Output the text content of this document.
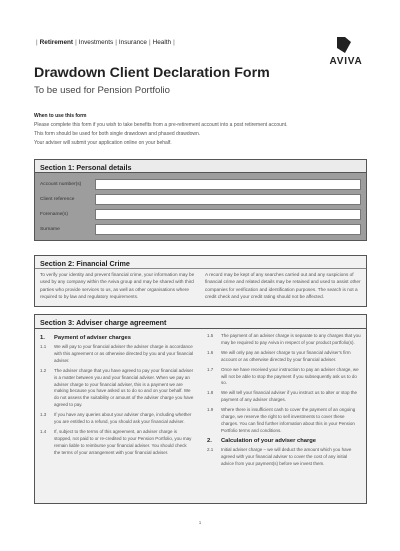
| Retirement | Investments | Insurance | Health |
AVIVA
Drawdown Client Declaration Form
To be used for Pension Portfolio
When to use this form
Please complete this form if you wish to take benefits from a pre-retirement account into a post retirement account.
This form should be used for both single drawdown and phased drawdown.
Your adviser will submit your application online on your behalf.
Section 1: Personal details
Account number(s)
Client reference
Forename(s)
Surname
Section 2: Financial Crime
To verify your identity and prevent financial crime, your information may be used by any company within the Aviva group and may be shared with third parties who provide services to us, as well as other organisations where required to by law and regulatory requirements.
A record may be kept of any searches carried out and any suspicions of financial crime and related details may be retained and used to assist other companies for verification and identification purposes. The search is not a credit check and your credit rating should not be affected.
Section 3: Adviser charge agreement
1. Payment of adviser charges
1.1	We will pay to your financial adviser the adviser charge in accordance with this agreement or as otherwise directed by you and your financial adviser.
1.2	The adviser charge that you have agreed to pay your financial adviser is a matter between you and your financial adviser. When we pay an adviser charge to your financial adviser, this is a payment we are making because you have asked us to do so and on your behalf. We do not assess the suitability or amount of the adviser charge you have agreed to pay.
1.3	If you have any queries about your adviser charge, including whether you are entitled to a refund, you should ask your financial adviser.
1.4	If, subject to the terms of this agreement, an adviser charge is stopped, not paid to or re-credited to your Pension Portfolio, you may remain liable to reimburse your financial adviser. You should check the terms of your arrangement with your financial adviser.
1.5	The payment of an adviser charge is separate to any charges that you may be required to pay Aviva in respect of your product portfolio(s).
1.6	We will only pay an adviser charge to your financial adviser's firm account or as otherwise directed by your financial adviser.
1.7	Once we have received your instruction to pay an adviser charge, we will not be able to stop the payment if you subsequently ask us to do so.
1.8	We will tell your financial adviser if you instruct us to alter or stop the payment of any adviser charges.
1.9	Where there is insufficient cash to cover the payment of an ongoing charge, we reserve the right to sell investments to cover these charges. You can find further information about this in your Pension Portfolio terms and conditions.
2. Calculation of your adviser charge
2.1	Initial adviser charge – we will deduct the amount which you have agreed with your financial adviser to cover the cost of any initial advice from your payment(s) before we invest them.
1
